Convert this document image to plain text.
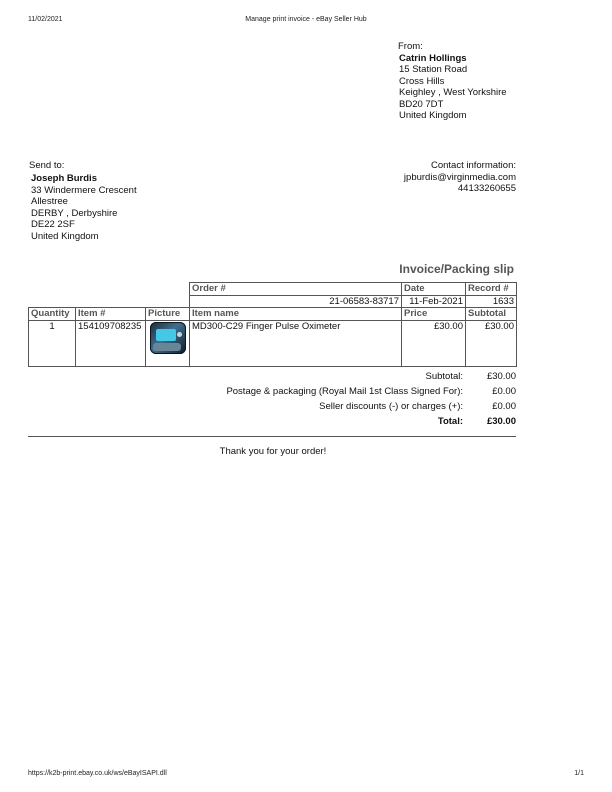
11/02/2021	Manage print invoice - eBay Seller Hub
From:
Catrin Hollings
15 Station Road
Cross Hills
Keighley , West Yorkshire
BD20 7DT
United Kingdom
Send to:
Joseph Burdis
33 Windermere Crescent
Allestree
DERBY , Derbyshire
DE22 2SF
United Kingdom
Contact information:
jpburdis@virginmedia.com
44133260655
Invoice/Packing slip
			Order #	Date	Record #
			21-06583-83717	11-Feb-2021	1633
Quantity	Item #	Picture	Item name	Price	Subtotal
1	154109708235		MD300-C29 Finger Pulse Oximeter	£30.00	£30.00
Subtotal:	£30.00
Postage & packaging (Royal Mail 1st Class Signed For):	£0.00
Seller discounts (-) or charges (+):	£0.00
Total:	£30.00
Thank you for your order!
https://k2b-print.ebay.co.uk/ws/eBayISAPI.dll	1/1
